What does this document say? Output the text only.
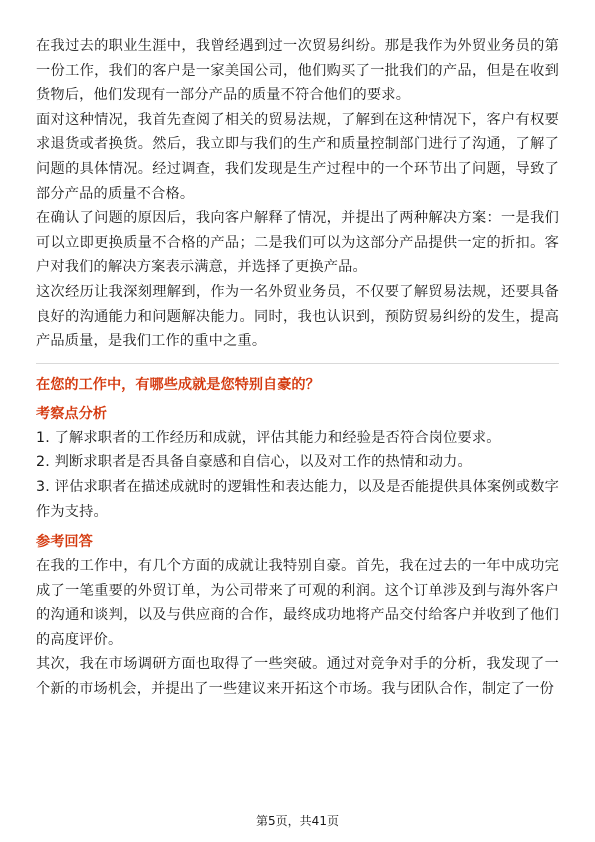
在我过去的职业生涯中，我曾经遇到过一次贸易纠纷。那是我作为外贸业务员的第一份工作，我们的客户是一家美国公司，他们购买了一批我们的产品，但是在收到货物后，他们发现有一部分产品的质量不符合他们的要求。

面对这种情况，我首先查阅了相关的贸易法规，了解到在这种情况下，客户有权要求退货或者换货。然后，我立即与我们的生产和质量控制部门进行了沟通，了解了问题的具体情况。经过调查，我们发现是生产过程中的一个环节出了问题，导致了部分产品的质量不合格。

在确认了问题的原因后，我向客户解释了情况，并提出了两种解决方案：一是我们可以立即更换质量不合格的产品；二是我们可以为这部分产品提供一定的折扣。客户对我们的解决方案表示满意，并选择了更换产品。

这次经历让我深刻理解到，作为一名外贸业务员，不仅要了解贸易法规，还要具备良好的沟通能力和问题解决能力。同时，我也认识到，预防贸易纠纷的发生，提高产品质量，是我们工作的重中之重。

在您的工作中，有哪些成就是您特别自豪的？
考察点分析

1. 了解求职者的工作经历和成就，评估其能力和经验是否符合岗位要求。

2. 判断求职者是否具备自豪感和自信心，以及对工作的热情和动力。

3. 评估求职者在描述成就时的逻辑性和表达能力，以及是否能提供具体案例或数字作为支持。

参考回答

在我的工作中，有几个方面的成就让我特别自豪。首先，我在过去的一年中成功完成了一笔重要的外贸订单，为公司带来了可观的利润。这个订单涉及到与海外客户的沟通和谈判，以及与供应商的合作，最终成功地将产品交付给客户并收到了他们的高度评价。

其次，我在市场调研方面也取得了一些突破。通过对竞争对手的分析，我发现了一个新的市场机会，并提出了一些建议来开拓这个市场。我与团队合作，制定了一份

第5页，共41页
